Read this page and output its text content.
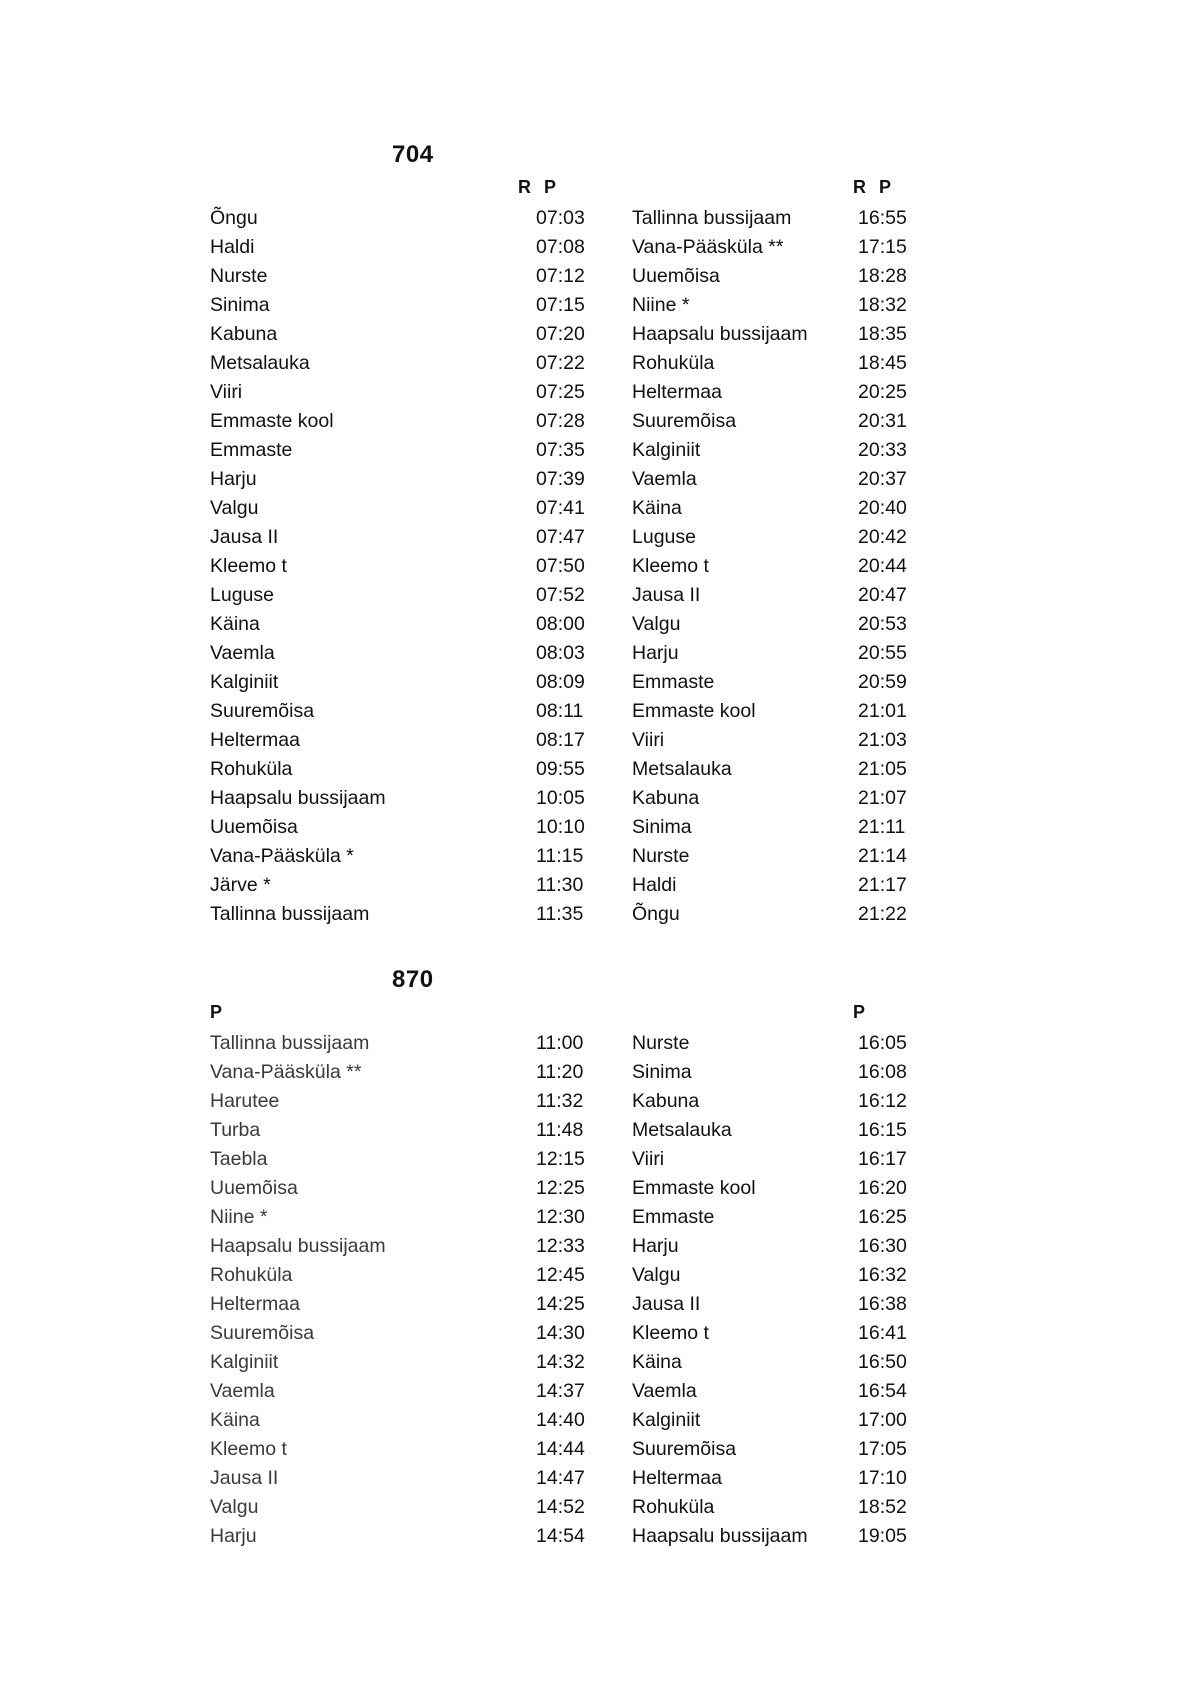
704
R P	R P
Õngu	07:03 Tallinna bussijaam	16:55
Haldi	07:08 Vana-Pääsküla **	17:15
Nurste	07:12 Uuemõisa	18:28
Sinima	07:15 Niine *	18:32
Kabuna	07:20 Haapsalu bussijaam	18:35
Metsalauka	07:22 Rohuküla	18:45
Viiri	07:25 Heltermaa	20:25
Emmaste kool	07:28 Suuremõisa	20:31
Emmaste	07:35 Kalginiit	20:33
Harju	07:39 Vaemla	20:37
Valgu	07:41 Käina	20:40
Jausa II	07:47 Luguse	20:42
Kleemo t	07:50 Kleemo t	20:44
Luguse	07:52 Jausa II	20:47
Käina	08:00 Valgu	20:53
Vaemla	08:03 Harju	20:55
Kalginiit	08:09 Emmaste	20:59
Suuremõisa	08:11 Emmaste kool	21:01
Heltermaa	08:17 Viiri	21:03
Rohuküla	09:55 Metsalauka	21:05
Haapsalu bussijaam	10:05 Kabuna	21:07
Uuemõisa	10:10 Sinima	21:11
Vana-Pääsküla *	11:15 Nurste	21:14
Järve *	11:30 Haldi	21:17
Tallinna bussijaam	11:35 Õngu	21:22
870
P	P
Tallinna bussijaam	11:00 Nurste	16:05
Vana-Pääsküla **	11:20 Sinima	16:08
Harutee	11:32 Kabuna	16:12
Turba	11:48 Metsalauka	16:15
Taebla	12:15 Viiri	16:17
Uuemõisa	12:25 Emmaste kool	16:20
Niine *	12:30 Emmaste	16:25
Haapsalu bussijaam	12:33 Harju	16:30
Rohuküla	12:45 Valgu	16:32
Heltermaa	14:25 Jausa II	16:38
Suuremõisa	14:30 Kleemo t	16:41
Kalginiit	14:32 Käina	16:50
Vaemla	14:37 Vaemla	16:54
Käina	14:40 Kalginiit	17:00
Kleemo t	14:44 Suuremõisa	17:05
Jausa II	14:47 Heltermaa	17:10
Valgu	14:52 Rohuküla	18:52
Harju	14:54 Haapsalu bussijaam	19:05
